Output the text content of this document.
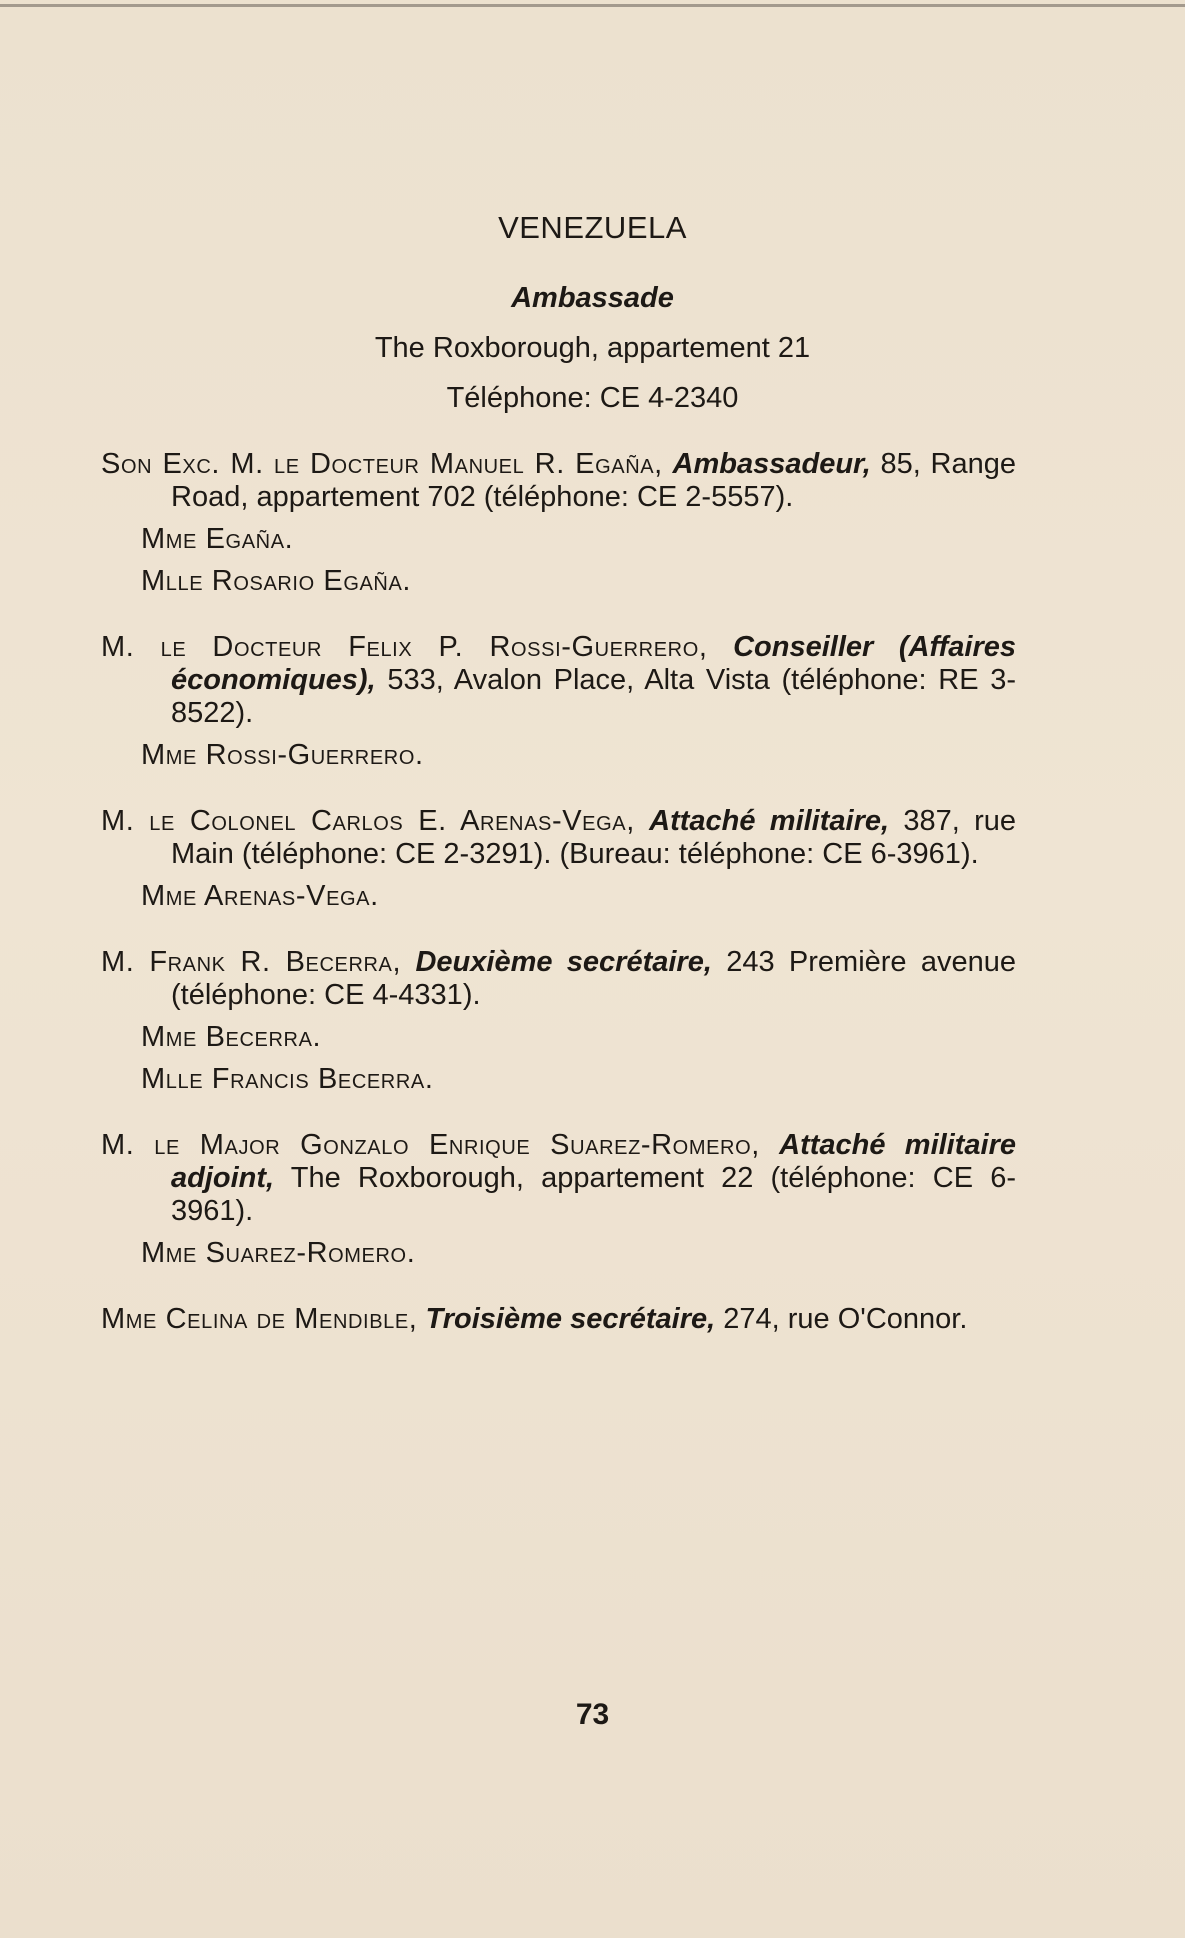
VENEZUELA
Ambassade
The Roxborough, appartement 21
Téléphone: CE 4-2340
Son Exc. M. le Docteur Manuel R. Egaña, Ambassadeur, 85, Range Road, appartement 702 (téléphone: CE 2-5557).
Mme Egaña.
Mlle Rosario Egaña.
M. le Docteur Felix P. Rossi-Guerrero, Conseiller (Affaires économiques), 533, Avalon Place, Alta Vista (téléphone: RE 3-8522).
Mme Rossi-Guerrero.
M. le Colonel Carlos E. Arenas-Vega, Attaché militaire, 387, rue Main (téléphone: CE 2-3291). (Bureau: téléphone: CE 6-3961).
Mme Arenas-Vega.
M. Frank R. Becerra, Deuxième secrétaire, 243 Première avenue (téléphone: CE 4-4331).
Mme Becerra.
Mlle Francis Becerra.
M. le Major Gonzalo Enrique Suarez-Romero, Attaché militaire adjoint, The Roxborough, appartement 22 (téléphone: CE 6-3961).
Mme Suarez-Romero.
Mme Celina de Mendible, Troisième secrétaire, 274, rue O'Connor.
73
